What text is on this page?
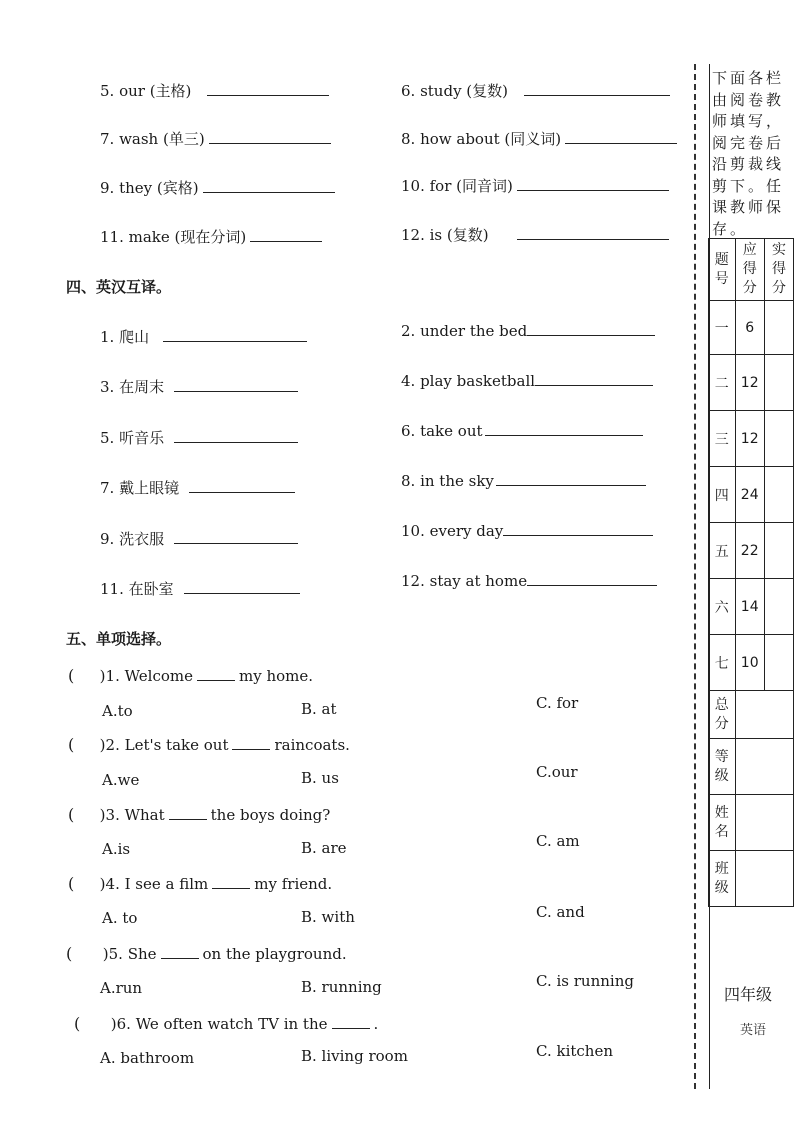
5. our (主格)	6. study (复数)
7. wash (单三)	8. how about (同义词)
9. they (宾格)	10. for (同音词)
11. make (现在分词)	12. is (复数)
四、英汉互译。
1. 爬山	2. under the bed
3. 在周末	4. play basketball
5. 听音乐	6. take out
7. 戴上眼镜	8. in the sky
9. 洗衣服	10. every day
11. 在卧室	12. stay at home
五、单项选择。
(     )1. Welcome	my home.
A.to	B. at	C. for
(     )2. Let's take out	raincoats.
A.we	B. us	C.our
(     )3. What	the boys doing?
A.is	B. are	C. am
(     )4. I see a film	my friend.
A. to	B. with	C. and
(      )5. She	on the playground.
A.run	B. running	C. is running
(      )6. We often watch TV in the	.
A. bathroom	B. living room	C. kitchen
下面各栏由阅卷教师填写，阅完卷后沿剪裁线剪下。任课教师保存。
题号	应得分	实得分
一	6	
二	12	
三	12	
四	24	
五	22	
六	14	
七	10	
总分		
等级		
姓名		
班级		
四年级
英语
